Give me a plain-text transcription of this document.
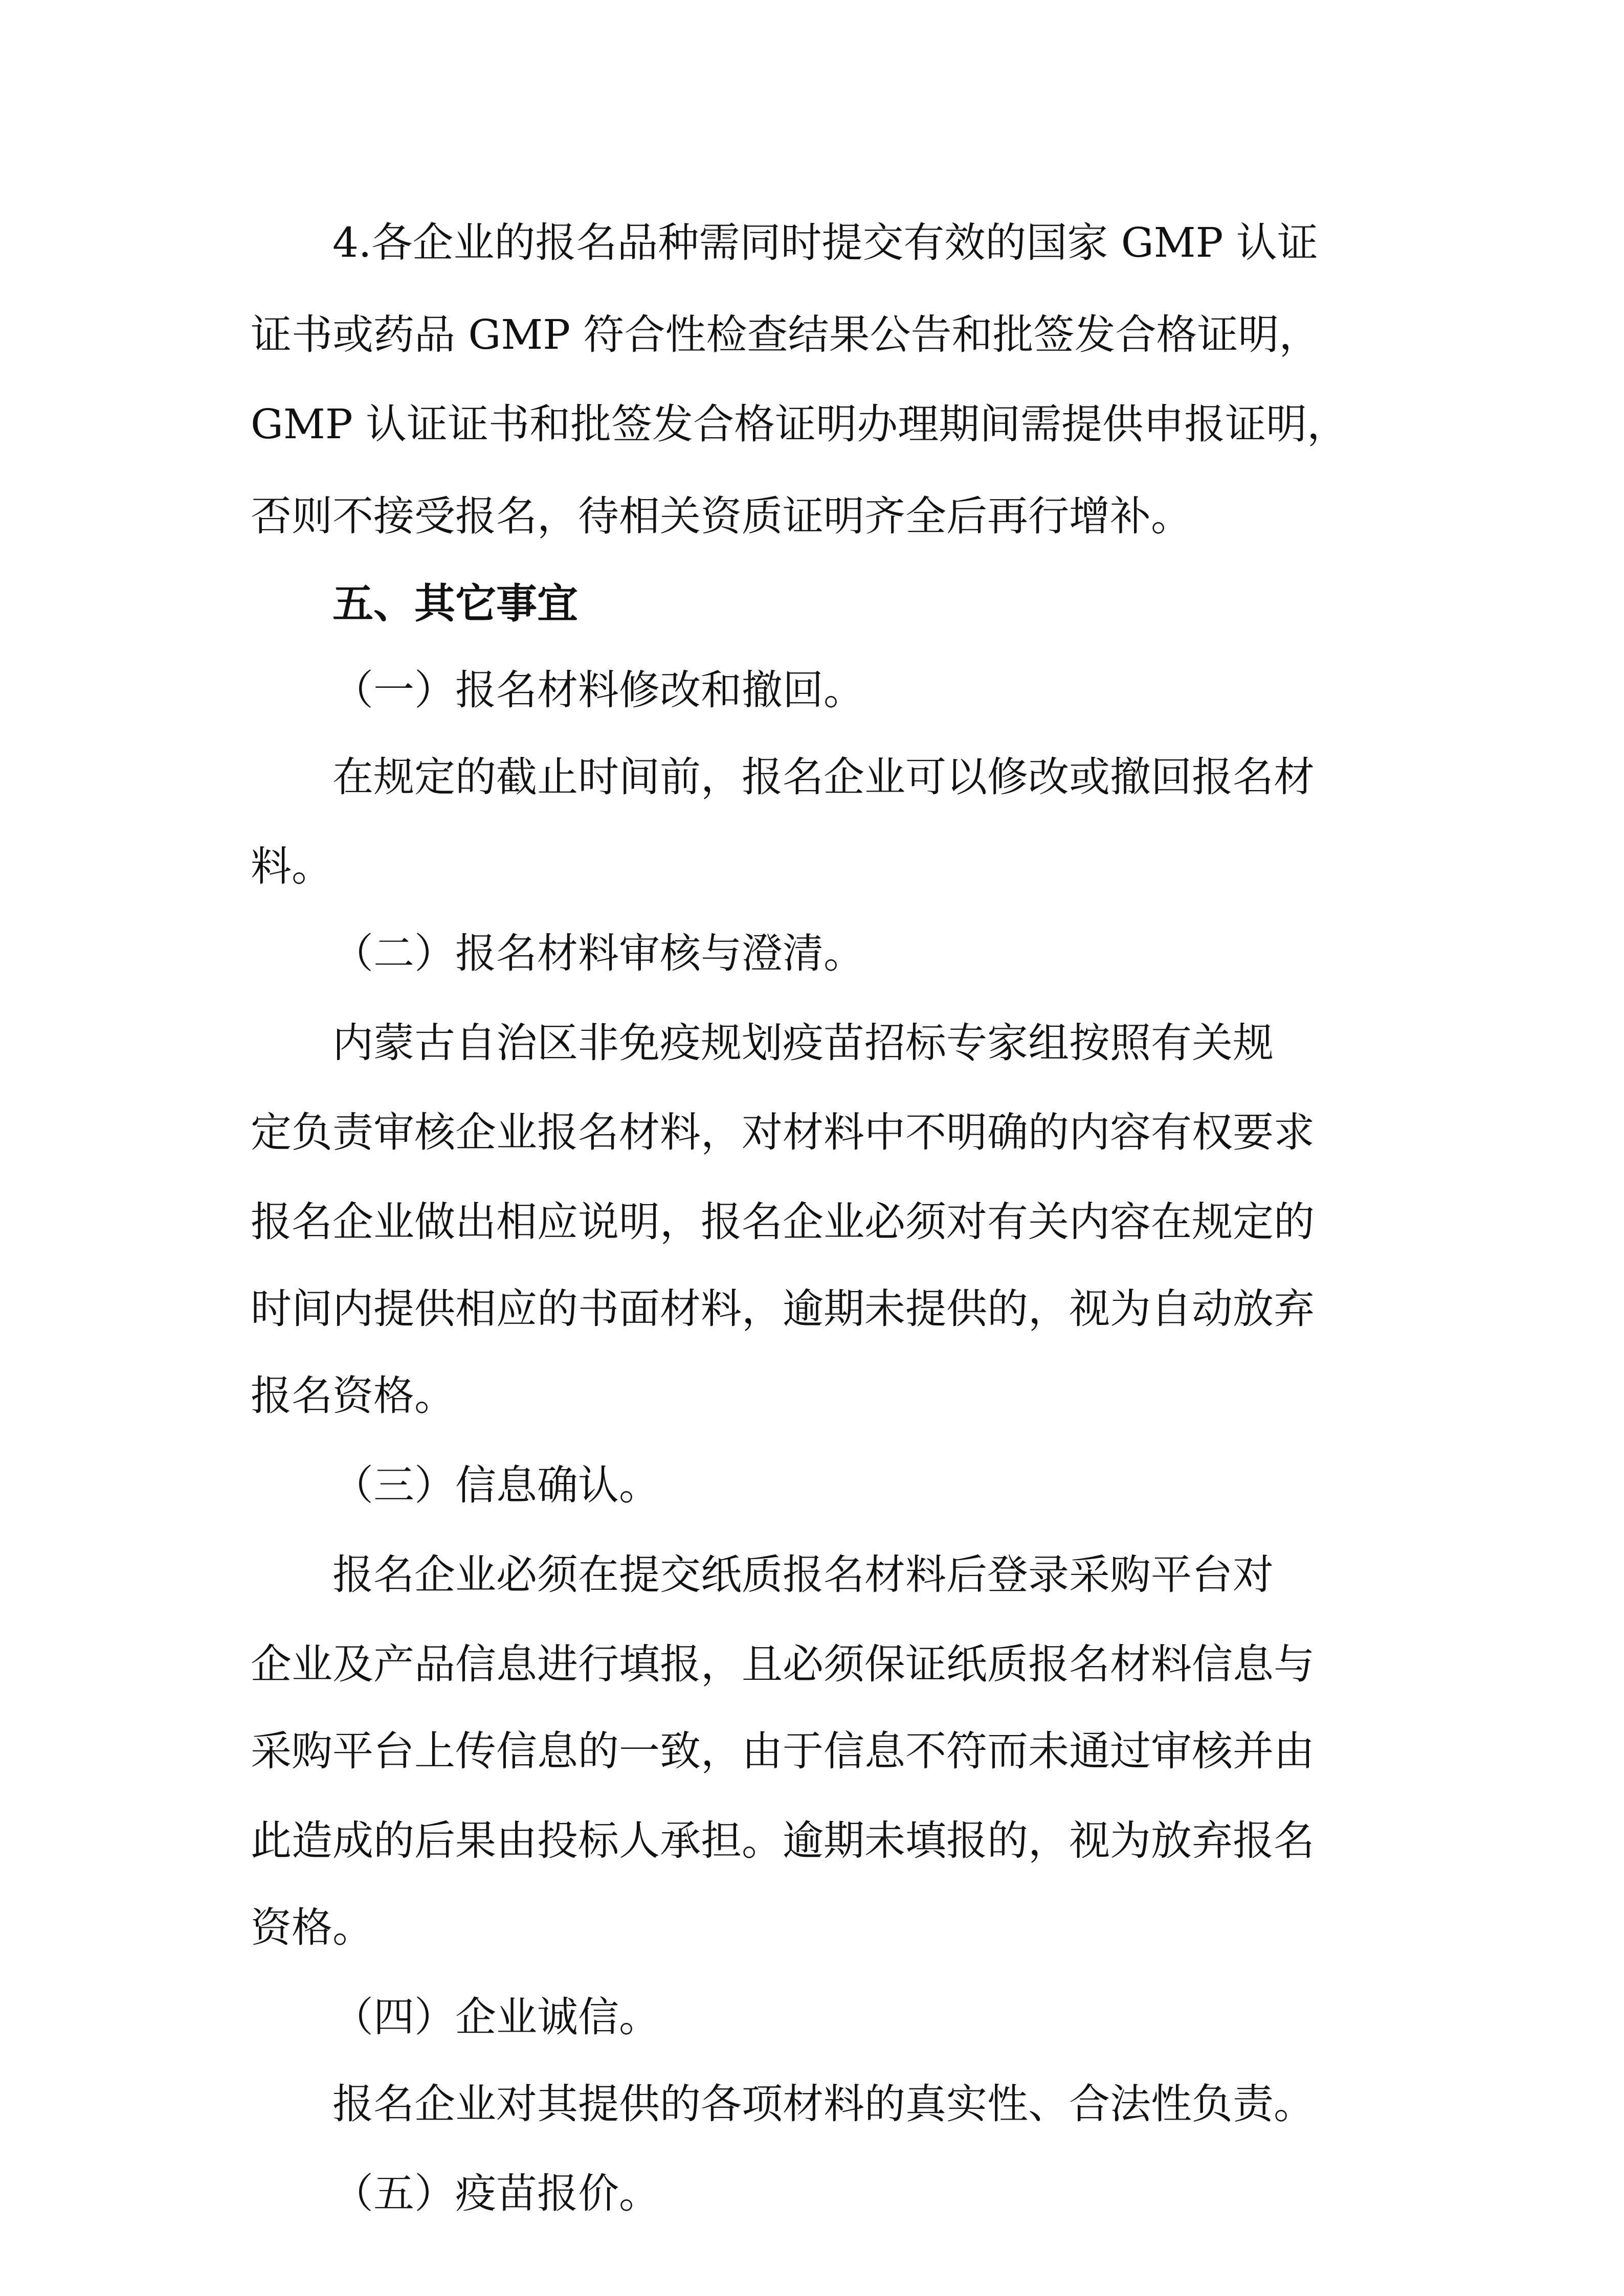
4.各企业的报名品种需同时提交有效的国家 GMP 认证
证书或药品 GMP 符合性检查结果公告和批签发合格证明，
GMP 认证证书和批签发合格证明办理期间需提供申报证明，
否则不接受报名，待相关资质证明齐全后再行增补。
五、其它事宜
（一）报名材料修改和撤回。
在规定的截止时间前，报名企业可以修改或撤回报名材
料。
（二）报名材料审核与澄清。
内蒙古自治区非免疫规划疫苗招标专家组按照有关规
定负责审核企业报名材料，对材料中不明确的内容有权要求
报名企业做出相应说明，报名企业必须对有关内容在规定的
时间内提供相应的书面材料，逾期未提供的，视为自动放弃
报名资格。
（三）信息确认。
报名企业必须在提交纸质报名材料后登录采购平台对
企业及产品信息进行填报，且必须保证纸质报名材料信息与
采购平台上传信息的一致，由于信息不符而未通过审核并由
此造成的后果由投标人承担。逾期未填报的，视为放弃报名
资格。
（四）企业诚信。
报名企业对其提供的各项材料的真实性、合法性负责。
（五）疫苗报价。
